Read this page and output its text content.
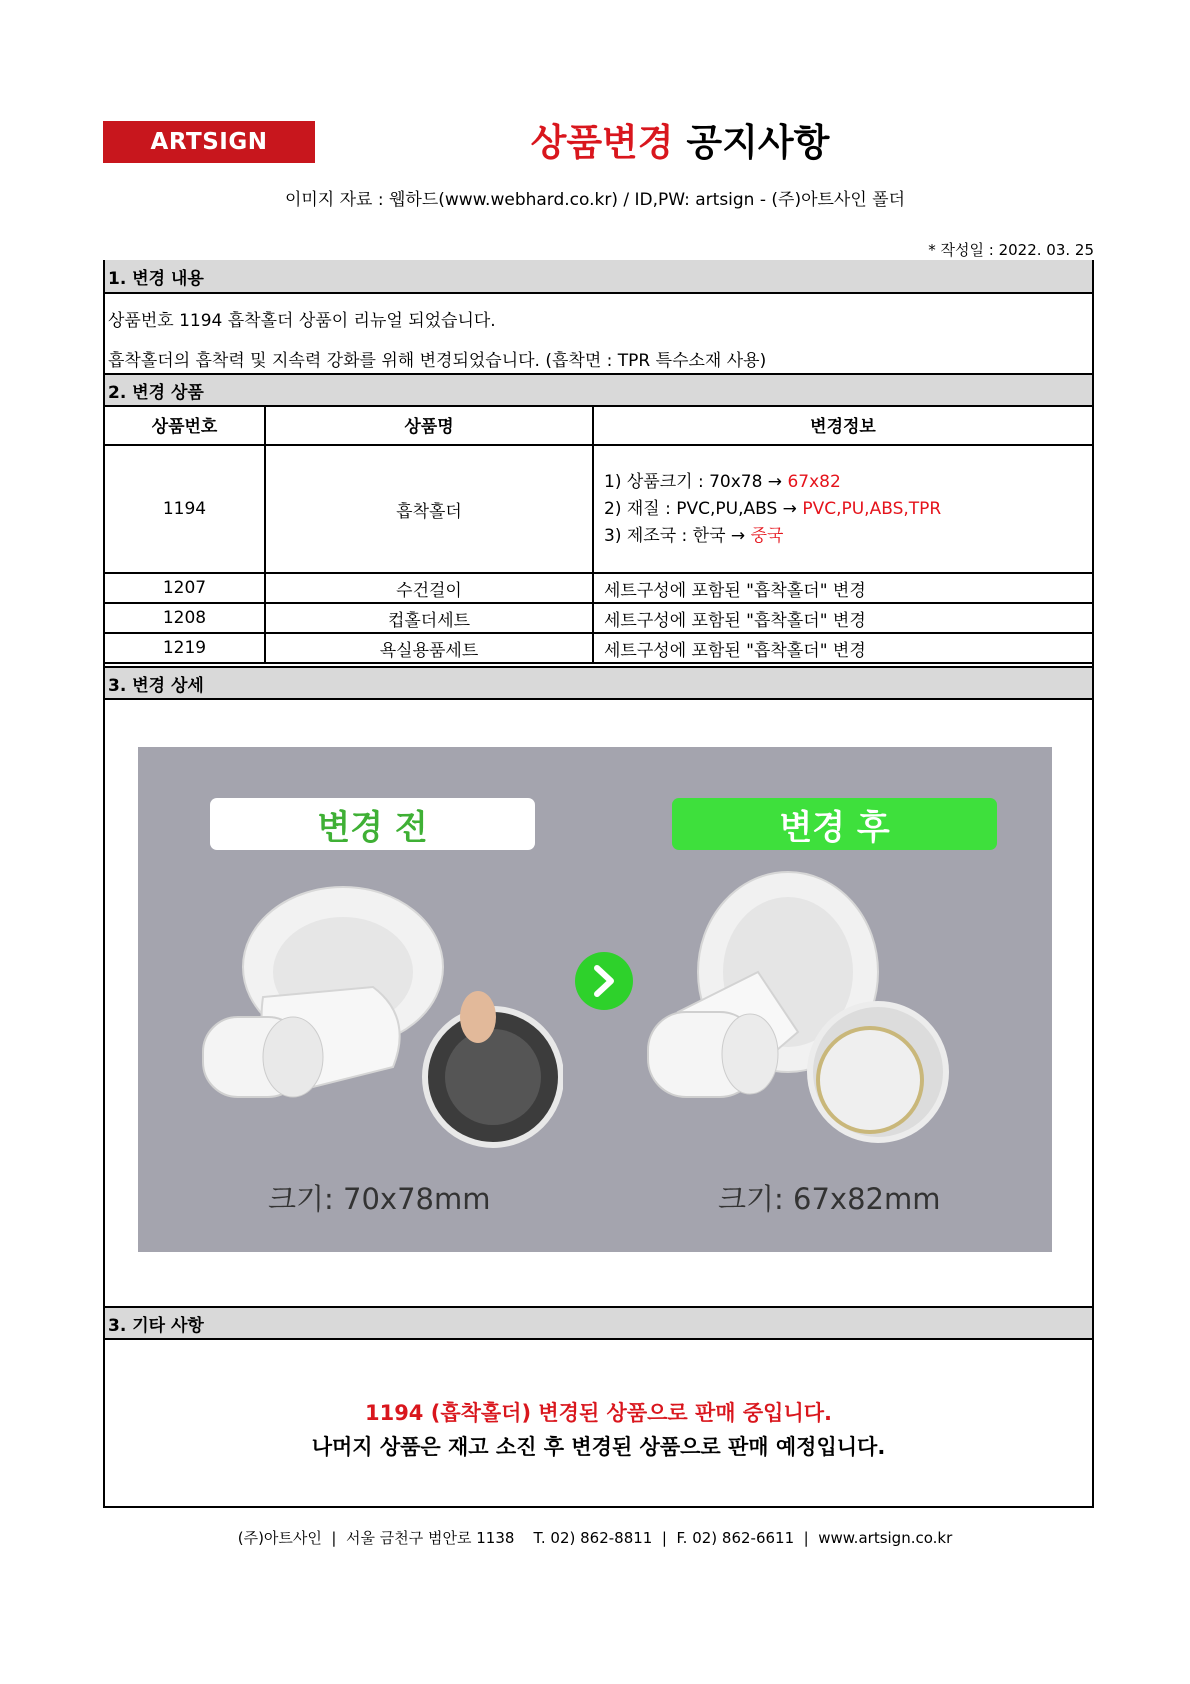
ARTSIGN	상품변경 공지사항
이미지 자료 : 웹하드(www.webhard.co.kr) / ID,PW: artsign - (주)아트사인 폴더
* 작성일 : 2022. 03. 25
1. 변경 내용
상품번호 1194 흡착홀더 상품이 리뉴얼 되었습니다.
흡착홀더의 흡착력 및 지속력 강화를 위해 변경되었습니다. (흡착면 : TPR 특수소재 사용)
2. 변경 상품
상품번호	상품명	변경정보
1194	흡착홀더	1) 상품크기 : 70x78 → 67x82
2) 재질 : PVC,PU,ABS → PVC,PU,ABS,TPR
3) 제조국 : 한국 → 중국

1207	수건걸이	세트구성에 포함된 "흡착홀더" 변경
1208	컵홀더세트	세트구성에 포함된 "흡착홀더" 변경
1219	욕실용품세트	세트구성에 포함된 "흡착홀더" 변경
3. 변경 상세
변경 전	변경 후
크기: 70x78mm	크기: 67x82mm
3. 기타 사항
1194 (흡착홀더) 변경된 상품으로 판매 중입니다.
나머지 상품은 재고 소진 후 변경된 상품으로 판매 예정입니다.
(주)아트사인  |  서울 금천구 범안로 1138    T. 02) 862-8811  |  F. 02) 862-6611  |  www.artsign.co.kr
